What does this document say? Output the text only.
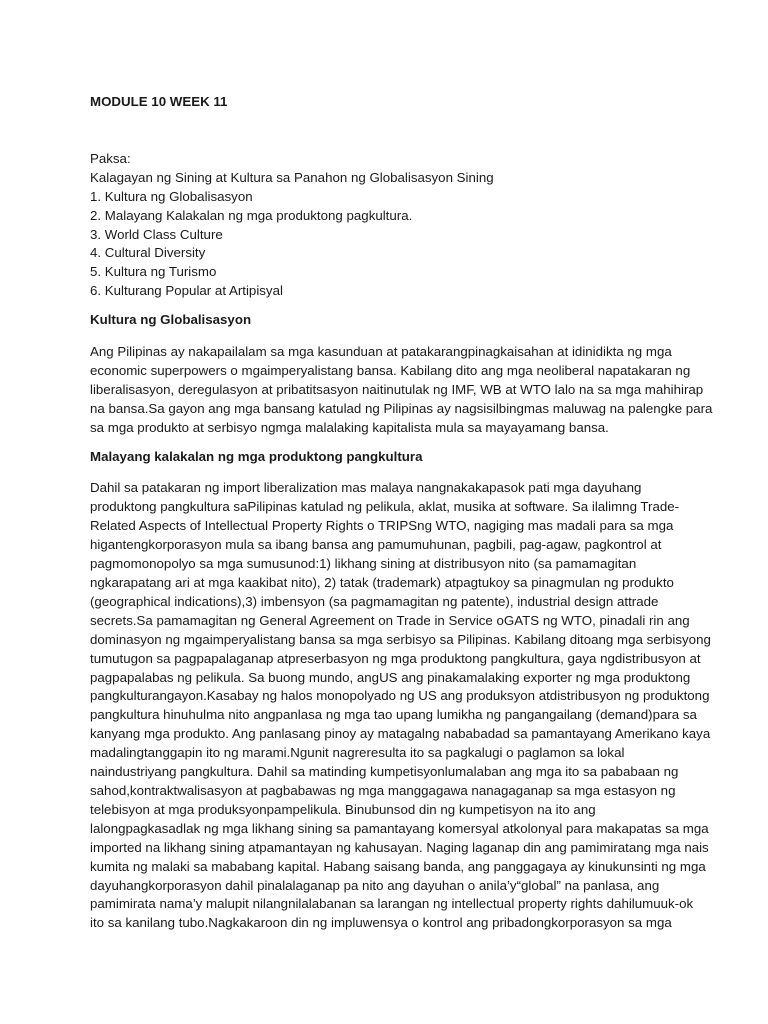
MODULE 10 WEEK 11

Paksa:

Kalagayan ng Sining at Kultura sa Panahon ng Globalisasyon Sining

1. Kultura ng Globalisasyon

2. Malayang Kalakalan ng mga produktong pagkultura.

3. World Class Culture

4. Cultural Diversity

5. Kultura ng Turismo

6. Kulturang Popular at Artipisyal

Kultura ng Globalisasyon

Ang Pilipinas ay nakapailalam sa mga kasunduan at patakarangpinagkaisahan at idinidikta ng mga
economic superpowers o mgaimperyalistang bansa. Kabilang dito ang mga neoliberal napatakaran ng
liberalisasyon, deregulasyon at pribatitsasyon naitinutulak ng IMF, WB at WTO lalo na sa mga mahihirap
na bansa.Sa gayon ang mga bansang katulad ng Pilipinas ay nagsisilbingmas maluwag na palengke para
sa mga produkto at serbisyo ngmga malalaking kapitalista mula sa mayayamang bansa.

Malayang kalakalan ng mga produktong pangkultura

Dahil sa patakaran ng import liberalization mas malaya nangnakakapasok pati mga dayuhang
produktong pangkultura saPilipinas katulad ng pelikula, aklat, musika at software. Sa ilalimng Trade-
Related Aspects of Intellectual Property Rights o TRIPSng WTO, nagiging mas madali para sa mga
higantengkorporasyon mula sa ibang bansa ang pamumuhunan, pagbili, pag-agaw, pagkontrol at
pagmomonopolyo sa mga sumusunod:1) likhang sining at distribusyon nito (sa pamamagitan
ngkarapatang ari at mga kaakibat nito), 2) tatak (trademark) atpagtukoy sa pinagmulan ng produkto
(geographical indications),3) imbensyon (sa pagmamagitan ng patente), industrial design attrade
secrets.Sa pamamagitan ng General Agreement on Trade in Service oGATS ng WTO, pinadali rin ang
dominasyon ng mgaimperyalistang bansa sa mga serbisyo sa Pilipinas. Kabilang ditoang mga serbisyong
tumutugon sa pagpapalaganap atpreserbasyon ng mga produktong pangkultura, gaya ngdistribusyon at
pagpapalabas ng pelikula. Sa buong mundo, angUS ang pinakamalaking exporter ng mga produktong
pangkulturangayon.Kasabay ng halos monopolyado ng US ang produksyon atdistribusyon ng produktong
pangkultura hinuhulma nito angpanlasa ng mga tao upang lumikha ng pangangailang (demand)para sa
kanyang mga produkto. Ang panlasang pinoy ay matagalng nababadad sa pamantayang Amerikano kaya
madalingtanggapin ito ng marami.Ngunit nagreresulta ito sa pagkalugi o paglamon sa lokal
naindustriyang pangkultura. Dahil sa matinding kumpetisyonlumalaban ang mga ito sa pababaan ng
sahod,kontraktwalisasyon at pagbabawas ng mga manggagawa nanagaganap sa mga estasyon ng
telebisyon at mga produksyonpampelikula. Binubunsod din ng kumpetisyon na ito ang
lalongpagkasadlak ng mga likhang sining sa pamantayang komersyal atkolonyal para makapatas sa mga
imported na likhang sining atpamantayan ng kahusayan. Naging laganap din ang pamimiratang mga nais
kumita ng malaki sa mababang kapital. Habang saisang banda, ang panggagaya ay kinukunsinti ng mga
dayuhangkorporasyon dahil pinalalaganap pa nito ang dayuhan o anila’y“global” na panlasa, ang
pamimirata nama’y malupit nilangnilalabanan sa larangan ng intellectual property rights dahilumuuk-ok
ito sa kanilang tubo.Nagkakaroon din ng impluwensya o kontrol ang pribadongkorporasyon sa mga
